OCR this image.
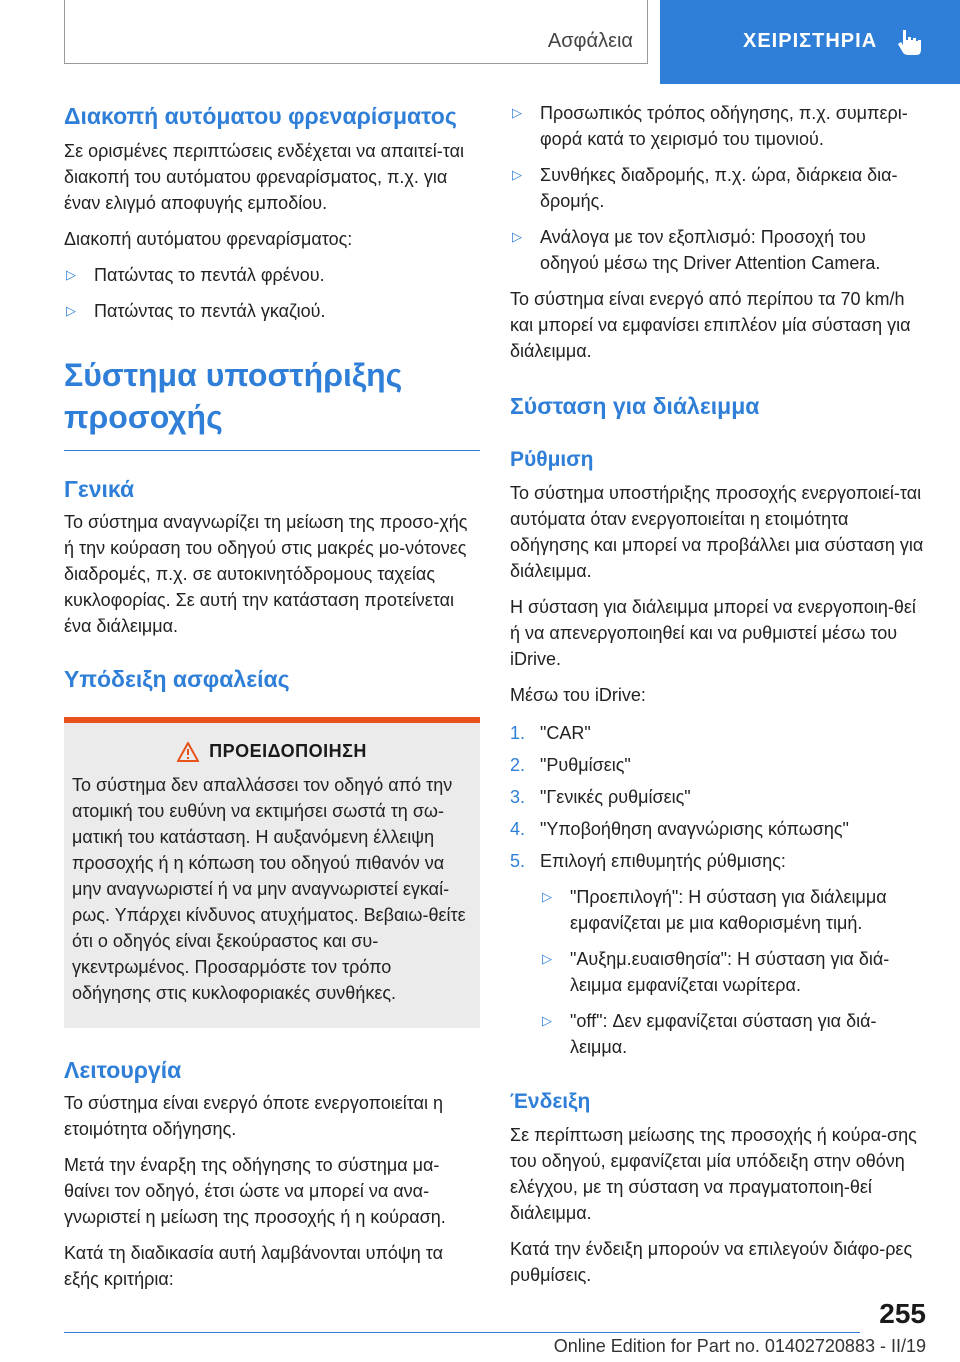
Ασφάλεια	ΧΕΙΡΙΣΤΗΡΙΑ
Διακοπή αυτόματου φρεναρίσματος

Σε ορισμένες περιπτώσεις ενδέχεται να απαιτεί-ται διακοπή του αυτόματου φρεναρίσματος, π.χ. για έναν ελιγμό αποφυγής εμποδίου.

Διακοπή αυτόματου φρεναρίσματος:

▷ Πατώντας το πεντάλ φρένου.
▷ Πατώντας το πεντάλ γκαζιού.
Σύστημα υποστήριξης προσοχής
Γενικά

Το σύστημα αναγνωρίζει τη μείωση της προσο-χής ή την κούραση του οδηγού στις μακρές μο-νότονες διαδρομές, π.χ. σε αυτοκινητόδρομους ταχείας κυκλοφορίας. Σε αυτή την κατάσταση προτείνεται ένα διάλειμμα.

Υπόδειξη ασφαλείας
ΠΡΟΕΙΔΟΠΟΙΗΣΗ

Το σύστημα δεν απαλλάσσει τον οδηγό από την ατομική του ευθύνη να εκτιμήσει σωστά τη σω-ματική του κατάσταση. Η αυξανόμενη έλλειψη προσοχής ή η κόπωση του οδηγού πιθανόν να μην αναγνωριστεί ή να μην αναγνωριστεί εγκαί-ρως. Υπάρχει κίνδυνος ατυχήματος. Βεβαιω-θείτε ότι ο οδηγός είναι ξεκούραστος και συ-γκεντρωμένος. Προσαρμόστε τον τρόπο οδήγησης στις κυκλοφοριακές συνθήκες.

Λειτουργία

Το σύστημα είναι ενεργό όποτε ενεργοποιείται η ετοιμότητα οδήγησης.

Μετά την έναρξη της οδήγησης το σύστημα μα-θαίνει τον οδηγό, έτσι ώστε να μπορεί να ανα-γνωριστεί η μείωση της προσοχής ή η κούραση.

Κατά τη διαδικασία αυτή λαμβάνονται υπόψη τα εξής κριτήρια:

▷ Προσωπικός τρόπος οδήγησης, π.χ. συμπερι-φορά κατά το χειρισμό του τιμονιού.
▷ Συνθήκες διαδρομής, π.χ. ώρα, διάρκεια δια-δρομής.
▷ Ανάλογα με τον εξοπλισμό: Προσοχή του οδηγού μέσω της Driver Attention Camera.

Το σύστημα είναι ενεργό από περίπου τα 70 km/h και μπορεί να εμφανίσει επιπλέον μία σύσταση για διάλειμμα.

Σύσταση για διάλειμμα
Ρύθμιση

Το σύστημα υποστήριξης προσοχής ενεργοποιεί-ται αυτόματα όταν ενεργοποιείται η ετοιμότητα οδήγησης και μπορεί να προβάλλει μια σύσταση για διάλειμμα.

Η σύσταση για διάλειμμα μπορεί να ενεργοποιη-θεί ή να απενεργοποιηθεί και να ρυθμιστεί μέσω του iDrive.

Μέσω του iDrive:

1. "CAR"
2. "Ρυθμίσεις"
3. "Γενικές ρυθμίσεις"
4. "Υποβοήθηση αναγνώρισης κόπωσης"
5. Επιλογή επιθυμητής ρύθμισης:
▷ "Προεπιλογή": Η σύσταση για διάλειμμα εμφανίζεται με μια καθορισμένη τιμή.
▷ "Αυξημ.ευαισθησία": Η σύσταση για διά-λειμμα εμφανίζεται νωρίτερα.
▷ "off": Δεν εμφανίζεται σύσταση για διά-λειμμα.
Ένδειξη

Σε περίπτωση μείωσης της προσοχής ή κούρα-σης του οδηγού, εμφανίζεται μία υπόδειξη στην οθόνη ελέγχου, με τη σύσταση να πραγματοποιη-θεί διάλειμμα.

Κατά την ένδειξη μπορούν να επιλεγούν διάφο-ρες ρυθμίσεις.

255
Online Edition for Part no. 01402720883 - II/19
